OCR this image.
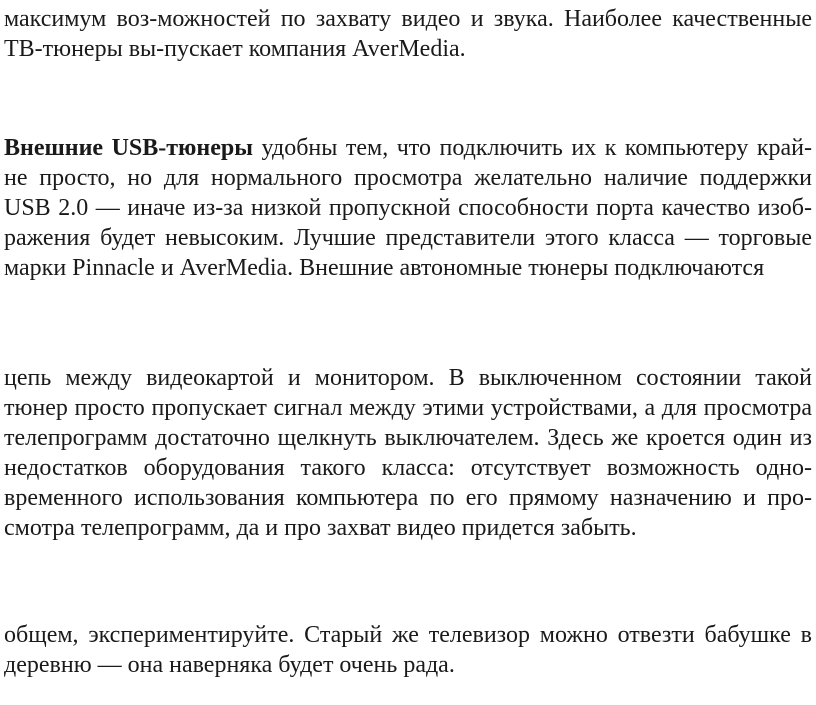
максимум воз-можностей по захвату видео и звука. Наиболее качественные
ТВ-тюнеры вы-пускает компания AverMedia.

Внешние USB-тюнеры удобны тем, что подключить их к компьютеру край-
не просто, но для нормального просмотра желательно наличие поддержки
USB 2.0 — иначе из-за низкой пропускной способности порта качество изоб-
ражения будет невысоким. Лучшие представители этого класса — торговые
марки Pinnacle и AverMedia. Внешние автономные тюнеры подключаются

цепь между видеокартой и монитором. В выключенном состоянии такой
тюнер просто пропускает сигнал между этими устройствами, а для просмотра
телепрограмм достаточно щелкнуть выключателем. Здесь же кроется один из
недостатков оборудования такого класса: отсутствует возможность одно-
временного использования компьютера по его прямому назначению и про-
смотра телепрограмм, да и про захват видео придется забыть.

общем, экспериментируйте. Старый же телевизор можно отвезти бабушке в
деревню — она наверняка будет очень рада.
